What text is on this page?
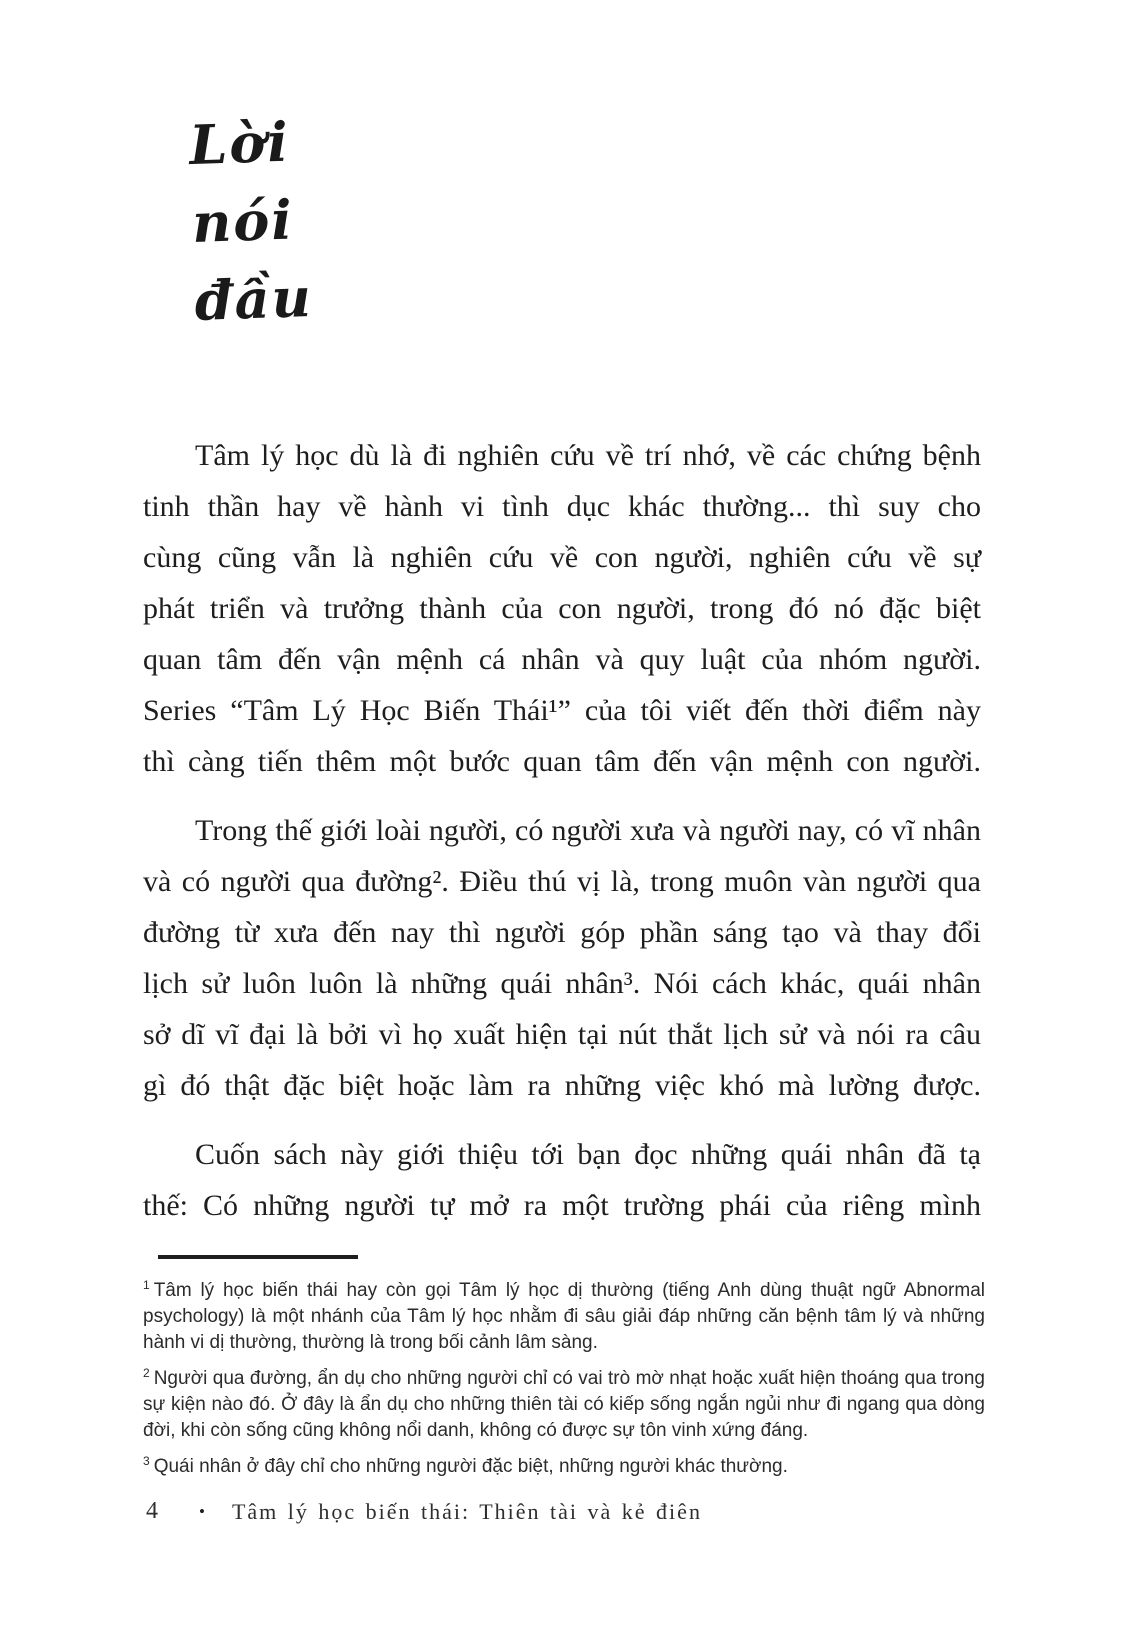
Lời
nói
đầu
Tâm lý học dù là đi nghiên cứu về trí nhớ, về các chứng bệnh
tinh thần hay về hành vi tình dục khác thường... thì suy cho
cùng cũng vẫn là nghiên cứu về con người, nghiên cứu về sự
phát triển và trưởng thành của con người, trong đó nó đặc biệt
quan tâm đến vận mệnh cá nhân và quy luật của nhóm người.
Series “Tâm Lý Học Biến Thái¹” của tôi viết đến thời điểm này
thì càng tiến thêm một bước quan tâm đến vận mệnh con người.
Trong thế giới loài người, có người xưa và người nay, có vĩ nhân
và có người qua đường². Điều thú vị là, trong muôn vàn người qua
đường từ xưa đến nay thì người góp phần sáng tạo và thay đổi
lịch sử luôn luôn là những quái nhân³. Nói cách khác, quái nhân
sở dĩ vĩ đại là bởi vì họ xuất hiện tại nút thắt lịch sử và nói ra câu
gì đó thật đặc biệt hoặc làm ra những việc khó mà lường được.
Cuốn sách này giới thiệu tới bạn đọc những quái nhân đã tạ
thế: Có những người tự mở ra một trường phái của riêng mình
$^1$ Tâm lý học biến thái hay còn gọi Tâm lý học dị thường (tiếng Anh dùng thuật ngữ Abnormal psychology) là một nhánh của Tâm lý học nhằm đi sâu giải đáp những căn bệnh tâm lý và những hành vi dị thường, thường là trong bối cảnh lâm sàng.
$^2$ Người qua đường, ẩn dụ cho những người chỉ có vai trò mờ nhạt hoặc xuất hiện thoáng qua trong sự kiện nào đó. Ở đây là ẩn dụ cho những thiên tài có kiếp sống ngắn ngủi như đi ngang qua dòng đời, khi còn sống cũng không nổi danh, không có được sự tôn vinh xứng đáng.
$^3$ Quái nhân ở đây chỉ cho những người đặc biệt, những người khác thường.
4 • Tâm lý học biến thái: Thiên tài và kẻ điên
